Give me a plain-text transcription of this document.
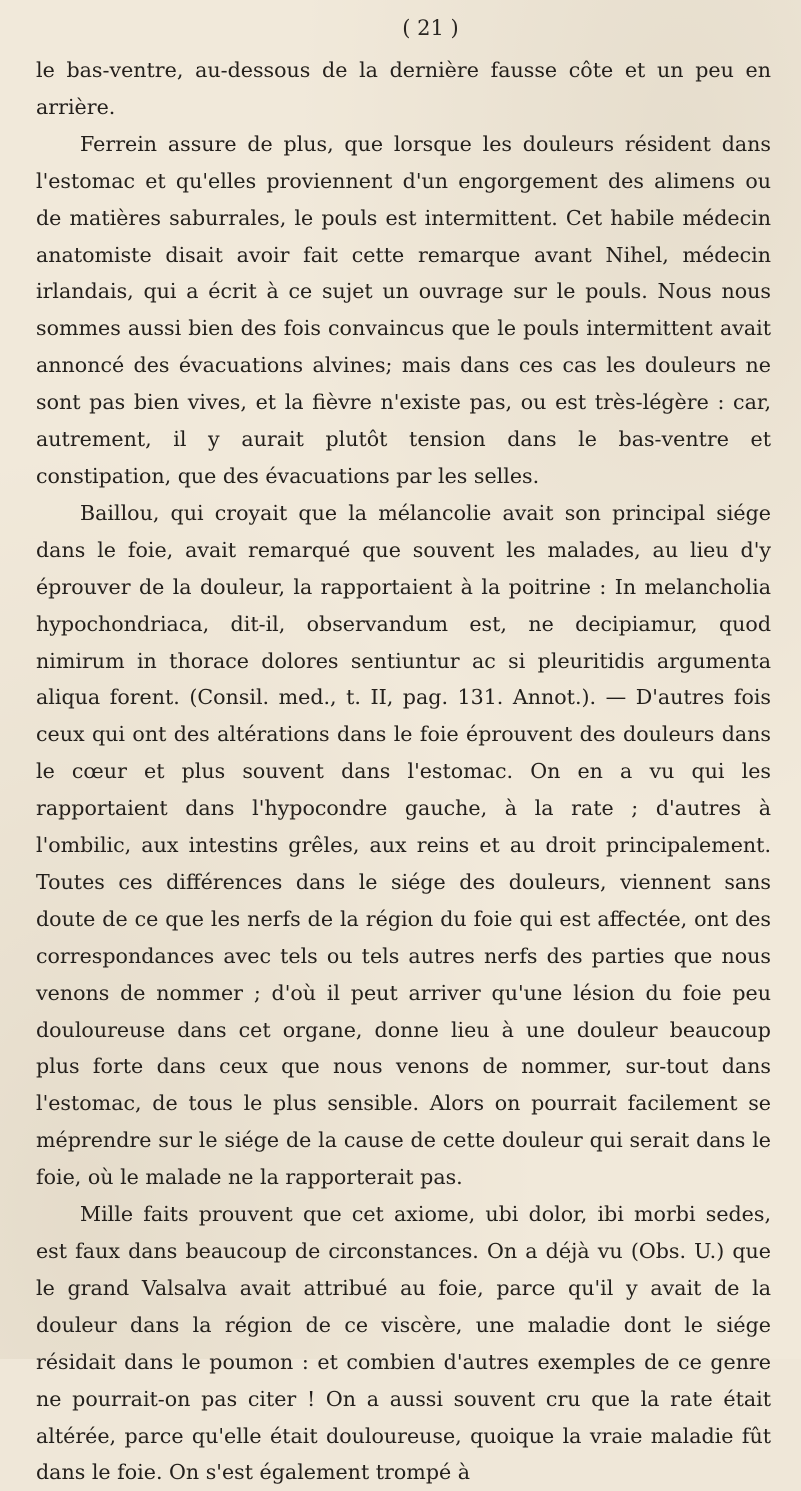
( 21 )

le bas-ventre, au-dessous de la dernière fausse côte et un peu en arrière.

Ferrein assure de plus, que lorsque les douleurs résident dans l'estomac et qu'elles proviennent d'un engorgement des alimens ou de matières saburrales, le pouls est intermittent. Cet habile médecin anatomiste disait avoir fait cette remarque avant Nihel, médecin irlandais, qui a écrit à ce sujet un ouvrage sur le pouls. Nous nous sommes aussi bien des fois convaincus que le pouls intermittent avait annoncé des évacuations alvines; mais dans ces cas les douleurs ne sont pas bien vives, et la fièvre n'existe pas, ou est très-légère : car, autrement, il y aurait plutôt tension dans le bas-ventre et constipation, que des évacuations par les selles.

Baillou, qui croyait que la mélancolie avait son principal siége dans le foie, avait remarqué que souvent les malades, au lieu d'y éprouver de la douleur, la rapportaient à la poitrine : In melancholia hypochondriaca, dit-il, observandum est, ne decipiamur, quod nimirum in thorace dolores sentiuntur ac si pleuritidis argumenta aliqua forent. (Consil. med., t. II, pag. 131. Annot.). — D'autres fois ceux qui ont des altérations dans le foie éprouvent des douleurs dans le cœur et plus souvent dans l'estomac. On en a vu qui les rapportaient dans l'hypocondre gauche, à la rate ; d'autres à l'ombilic, aux intestins grêles, aux reins et au droit principalement. Toutes ces différences dans le siége des douleurs, viennent sans doute de ce que les nerfs de la région du foie qui est affectée, ont des correspondances avec tels ou tels autres nerfs des parties que nous venons de nommer ; d'où il peut arriver qu'une lésion du foie peu douloureuse dans cet organe, donne lieu à une douleur beaucoup plus forte dans ceux que nous venons de nommer, sur-tout dans l'estomac, de tous le plus sensible. Alors on pourrait facilement se méprendre sur le siége de la cause de cette douleur qui serait dans le foie, où le malade ne la rapporterait pas.

Mille faits prouvent que cet axiome, ubi dolor, ibi morbi sedes, est faux dans beaucoup de circonstances. On a déjà vu (Obs. U.) que le grand Valsalva avait attribué au foie, parce qu'il y avait de la douleur dans la région de ce viscère, une maladie dont le siége résidait dans le poumon : et combien d'autres exemples de ce genre ne pourrait-on pas citer ! On a aussi souvent cru que la rate était altérée, parce qu'elle était douloureuse, quoique la vraie maladie fût dans le foie. On s'est également trompé à
